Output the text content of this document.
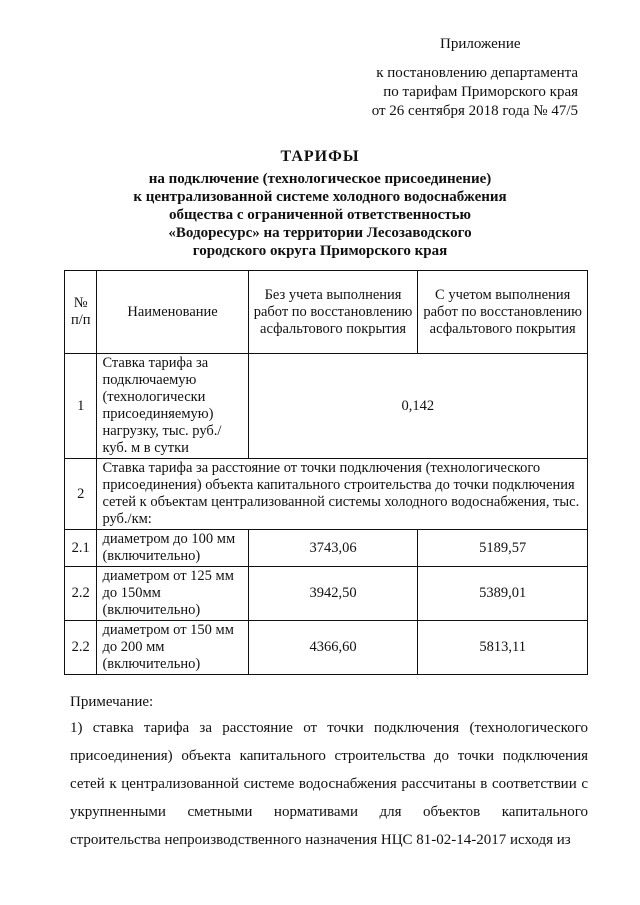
Приложение
к постановлению департамента
по тарифам Приморского края
от 26 сентября 2018 года № 47/5
ТАРИФЫ
на подключение (технологическое присоединение)
к централизованной системе холодного водоснабжения
общества с ограниченной ответственностью
«Водоресурс» на территории Лесозаводского
городского округа Приморского края
№ п/п	Наименование	Без учета выполнения работ по восстановлению асфальтового покрытия	С учетом выполнения работ по восстановлению асфальтового покрытия
1	Ставка тарифа за подключаемую (технологически присоединяемую) нагрузку, тыс. руб./куб. м в сутки	0,142	
2	Ставка тарифа за расстояние от точки подключения (технологического присоединения) объекта капитального строительства до точки подключения сетей к объектам централизованной системы холодного водоснабжения, тыс. руб./км:		
2.1	диаметром до 100 мм (включительно)	3743,06	5189,57
2.2	диаметром от 125 мм до 150мм (включительно)	3942,50	5389,01
2.2	диаметром от 150 мм до 200 мм (включительно)	4366,60	5813,11
Примечание:
1) ставка тарифа за расстояние от точки подключения (технологического присоединения) объекта капитального строительства до точки подключения сетей к централизованной системе водоснабжения рассчитаны в соответствии с укрупненными сметными нормативами для объектов капитального строительства непроизводственного назначения НЦС 81-02-14-2017 исходя из
